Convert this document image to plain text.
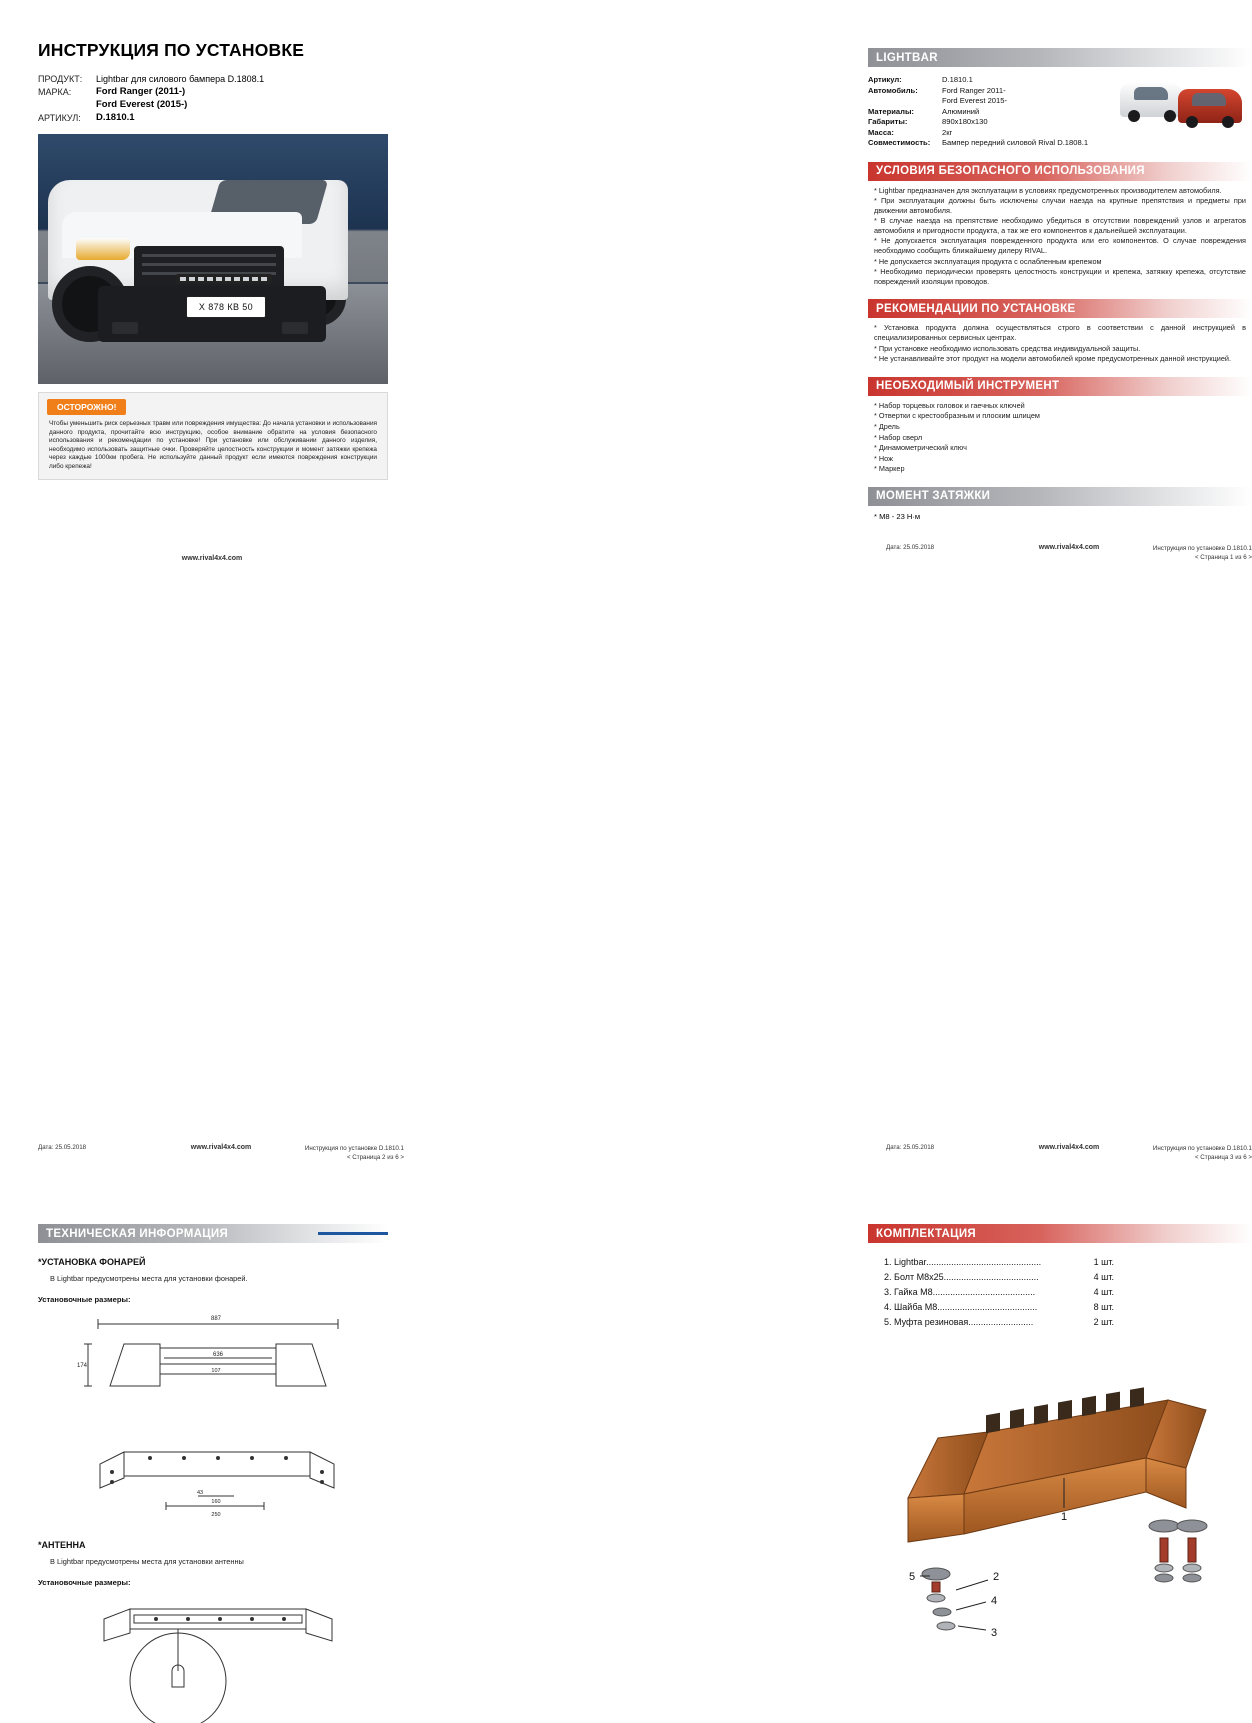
ИНСТРУКЦИЯ ПО УСТАНОВКЕ
ПРОДУКТ:	Lightbar для силового бампера D.1808.1
МАРКА:	Ford Ranger (2011-)
Ford Everest (2015-)
АРТИКУЛ:	D.1810.1
Х 878 КВ 50
ОСТОРОЖНО!
Чтобы уменьшить риск серьезных травм или повреждения имущества: До начала установки и использования данного продукта, прочитайте всю инструкцию, особое внимание обратите на условия безопасного использования и рекомендации по установке! При установке или обслуживании данного изделия, необходимо использовать защитные очки. Проверяйте целостность конструкции и момент затяжки крепежа через каждые 1000км пробега. Не используйте данный продукт если имеются повреждения конструкции либо крепежа!
www.rival4x4.com
LIGHTBAR
Артикул:	D.1810.1
Автомобиль:	Ford Ranger 2011-
Ford Everest 2015-
Материалы:	Алюминий
Габариты:	890х180х130
Масса:	2кг
Совместимость:	Бампер передний силовой Rival D.1808.1
УСЛОВИЯ БЕЗОПАСНОГО ИСПОЛЬЗОВАНИЯ

* Lightbar предназначен для эксплуатации в условиях предусмотренных производителем автомобиля.

* При эксплуатации должны быть исключены случаи наезда на крупные препятствия и предметы при движении автомобиля.

* В случае наезда на препятствие необходимо убедиться в отсутствии повреждений узлов и агрегатов автомобиля и пригодности продукта, а так же его компонентов к дальнейшей эксплуатации.

* Не допускается эксплуатация поврежденного продукта или его компонентов. О случае повреждения необходимо сообщить ближайшему дилеру RIVAL.

* Не допускается эксплуатация продукта с ослабленным крепежом

* Необходимо периодически проверять целостность конструкции и крепежа, затяжку крепежа, отсутствие повреждений изоляции проводов.

РЕКОМЕНДАЦИИ ПО УСТАНОВКЕ

* Установка продукта должна осуществляться строго в соответствии с данной инструкцией в специализированных сервисных центрах.

* При установке необходимо использовать средства индивидуальной защиты.

* Не устанавливайте этот продукт на модели автомобилей кроме предусмотренных данной инструкцией.

НЕОБХОДИМЫЙ ИНСТРУМЕНТ

* Набор торцевых головок и гаечных ключей

* Отвертки с крестообразным и плоским шлицем

* Дрель

* Набор сверл

* Динамометрический ключ

* Нож

* Маркер

МОМЕНТ ЗАТЯЖКИ

* М8 - 23 Н·м

Дата: 25.05.2018	www.rival4x4.com	Инструкция по установке D.1810.1
< Страница 1 из 6 >
ТЕХНИЧЕСКАЯ ИНФОРМАЦИЯ
*УСТАНОВКА ФОНАРЕЙ
В Lightbar предусмотрены места для установки фонарей.
Установочные размеры:
887
174
636
107
43
160
250
*АНТЕННА
В Lightbar предусмотрены места для установки антенны
Установочные размеры:
Дата: 25.05.2018	www.rival4x4.com	Инструкция по установке D.1810.1
< Страница 2 из 6 >
КОМПЛЕКТАЦИЯ
1. Lightbar..............................................	1 шт.
2. Болт М8х25......................................	4 шт.
3. Гайка М8.........................................	4 шт.
4. Шайба М8........................................	8 шт.
5. Муфта резиновая..........................	2 шт.
1
5	2
4
3
Дата: 25.05.2018	www.rival4x4.com	Инструкция по установке D.1810.1
< Страница 3 из 6 >
